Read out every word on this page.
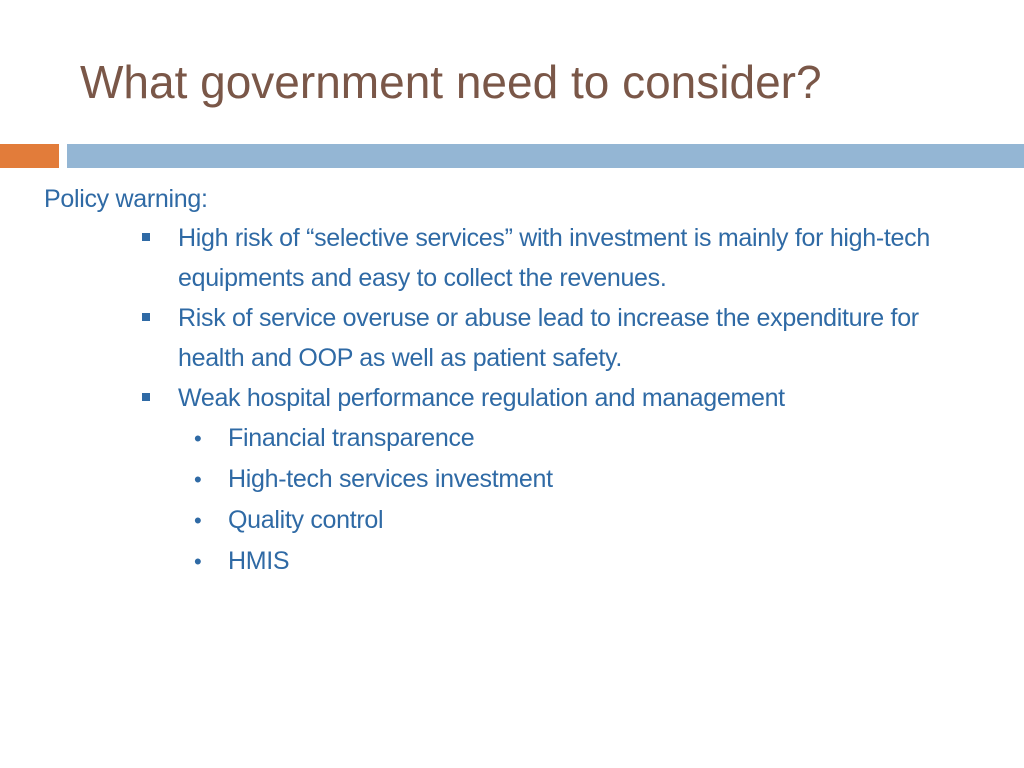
What government need to consider?

Policy warning:

High risk of “selective services” with investment is mainly for high-tech equipments and easy to collect the revenues.
Risk of service overuse or abuse lead to increase the expenditure for health and OOP as well as patient safety.
Weak hospital performance regulation and management
• Financial transparence
• High-tech services investment
• Quality control
• HMIS
